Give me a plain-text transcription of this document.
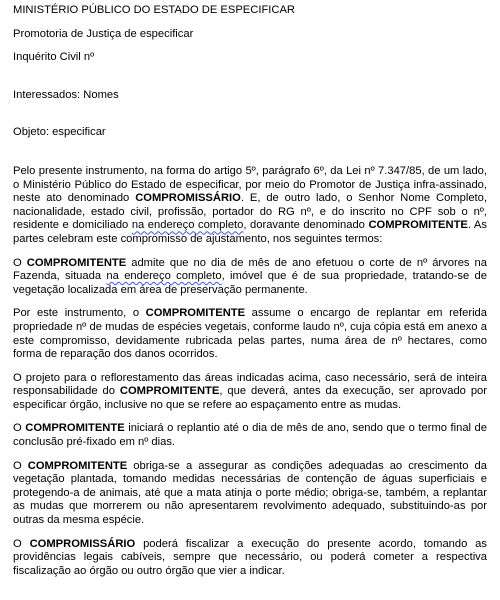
MINISTÉRIO PÚBLICO DO ESTADO DE ESPECIFICAR

Promotoria de Justiça de especificar

Inquérito Civil nº

Interessados: Nomes

Objeto: especificar

Pelo presente instrumento, na forma do artigo 5º, parágrafo 6º, da Lei nº 7.347/85, de um lado, o Ministério Público do Estado de especificar, por meio do Promotor de Justiça infra-assinado, neste ato denominado COMPROMISSÁRIO. E, de outro lado, o Senhor Nome Completo, nacionalidade, estado civil, profissão, portador do RG nº, e do inscrito no CPF sob o nº, residente e domiciliado na endereço completo, doravante denominado COMPROMITENTE. As partes celebram este compromisso de ajustamento, nos seguintes termos:

O COMPROMITENTE admite que no dia de mês de ano efetuou o corte de nº árvores na Fazenda, situada na endereço completo, imóvel que é de sua propriedade, tratando-se de vegetação localizada em área de preservação permanente.

Por este instrumento, o COMPROMITENTE assume o encargo de replantar em referida propriedade nº de mudas de espécies vegetais, conforme laudo nº, cuja cópia está em anexo a este compromisso, devidamente rubricada pelas partes, numa área de nº hectares, como forma de reparação dos danos ocorridos.

O projeto para o reflorestamento das áreas indicadas acima, caso necessário, será de inteira responsabilidade do COMPROMITENTE, que deverá, antes da execução, ser aprovado por especificar órgão, inclusive no que se refere ao espaçamento entre as mudas.

O COMPROMITENTE iniciará o replantio até o dia de mês de ano, sendo que o termo final de conclusão pré-fixado em nº dias.

O COMPROMITENTE obriga-se a assegurar as condições adequadas ao crescimento da vegetação plantada, tomando medidas necessárias de contenção de águas superficiais e protegendo-a de animais, até que a mata atinja o porte médio; obriga-se, também, a replantar as mudas que morrerem ou não apresentarem revolvimento adequado, substituindo-as por outras da mesma espécie.

O COMPROMISSÁRIO poderá fiscalizar a execução do presente acordo, tomando as providências legais cabíveis, sempre que necessário, ou poderá cometer a respectiva fiscalização ao órgão ou outro órgão que vier a indicar.
